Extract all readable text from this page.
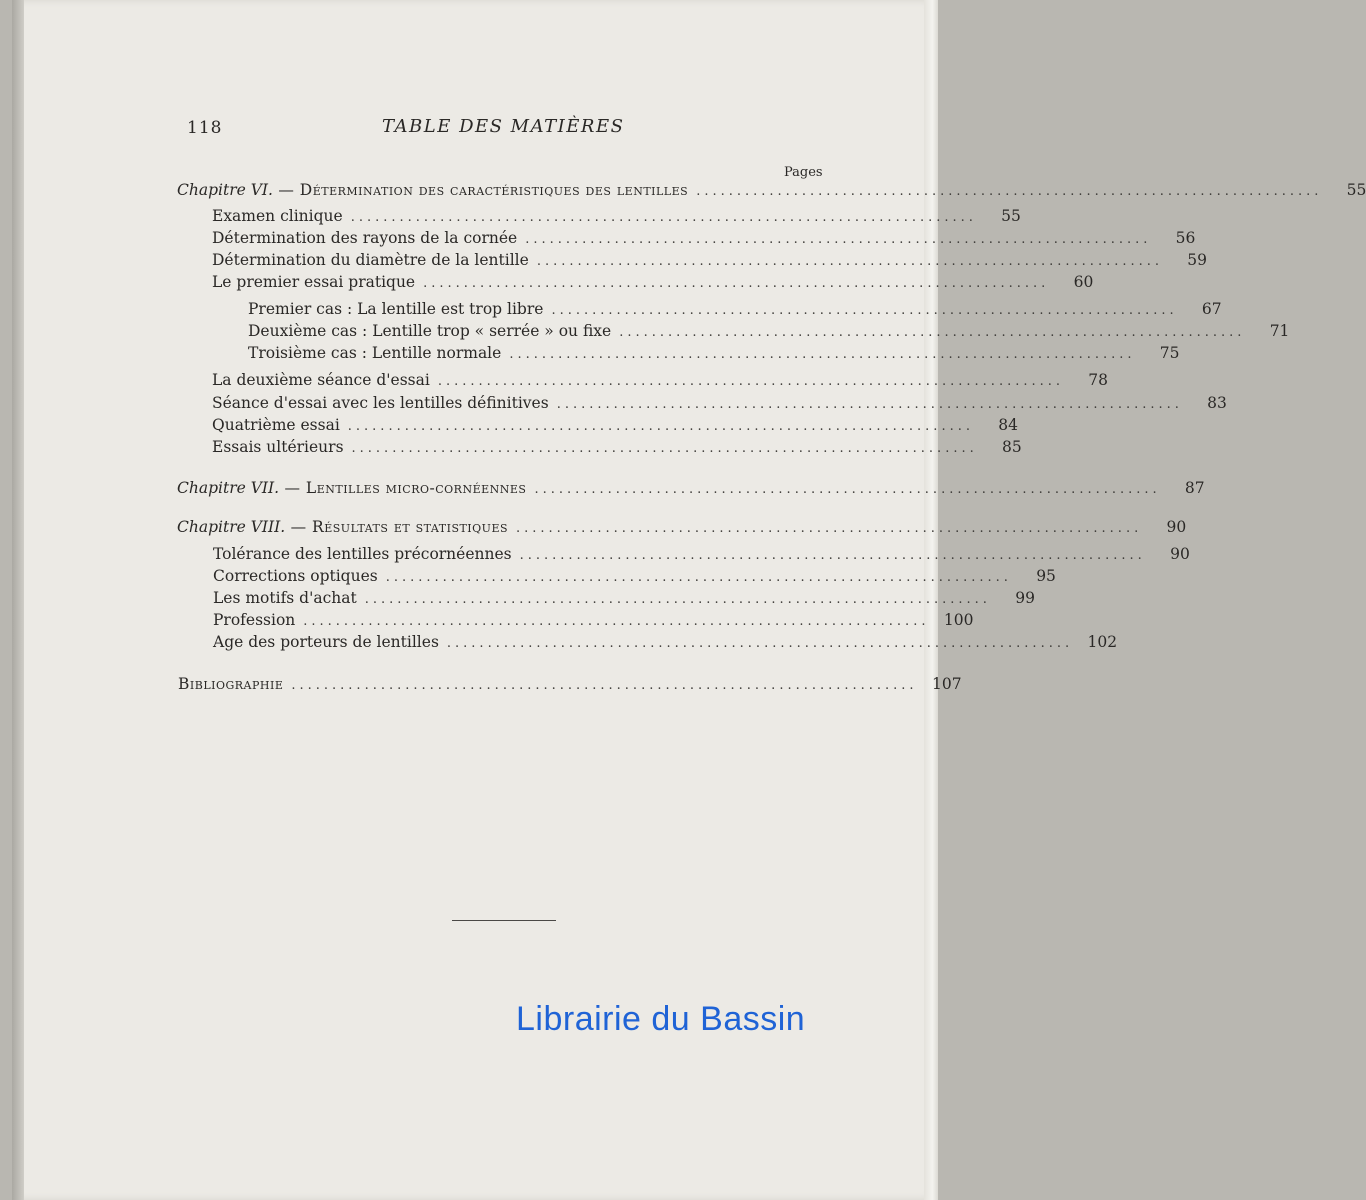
118	TABLE DES MATIÈRES
Pages
Chapitre VI. — Détermination des caractéristiques des lentilles .............................................................................	55
Examen clinique .............................................................................	55
Détermination des rayons de la cornée .............................................................................	56
Détermination du diamètre de la lentille .............................................................................	59
Le premier essai pratique .............................................................................	60
Premier cas : La lentille est trop libre .............................................................................	67
Deuxième cas : Lentille trop « serrée » ou fixe .............................................................................	71
Troisième cas : Lentille normale .............................................................................	75
La deuxième séance d'essai .............................................................................	78
Séance d'essai avec les lentilles définitives .............................................................................	83
Quatrième essai .............................................................................	84
Essais ultérieurs .............................................................................	85
Chapitre VII. — Lentilles micro-cornéennes .............................................................................	87
Chapitre VIII. — Résultats et statistiques .............................................................................	90
Tolérance des lentilles précornéennes .............................................................................	90
Corrections optiques .............................................................................	95
Les motifs d'achat .............................................................................	99
Profession ............................................................................. 100
Age des porteurs de lentilles ............................................................................. 102
Bibliographie ............................................................................. 107
Librairie du Bassin
